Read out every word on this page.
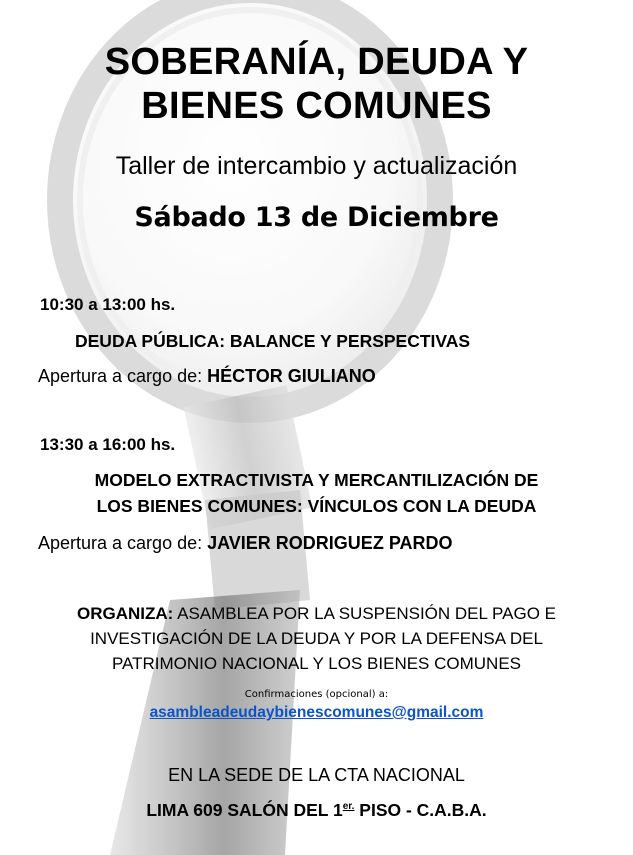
SOBERANÍA, DEUDA Y
BIENES COMUNES
Taller de intercambio y actualización
Sábado 13 de Diciembre
10:30 a 13:00 hs.
DEUDA PÚBLICA: BALANCE Y PERSPECTIVAS
Apertura a cargo de: HÉCTOR GIULIANO
13:30 a 16:00 hs.
MODELO EXTRACTIVISTA Y MERCANTILIZACIÓN DE
LOS BIENES COMUNES: VÍNCULOS CON LA DEUDA
Apertura a cargo de: JAVIER RODRIGUEZ PARDO
ORGANIZA: ASAMBLEA POR LA SUSPENSIÓN DEL PAGO E
INVESTIGACIÓN DE LA DEUDA Y POR LA DEFENSA DEL
PATRIMONIO NACIONAL Y LOS BIENES COMUNES
Confirmaciones (opcional) a:
asambleadeudaybienescomunes@gmail.com
EN LA SEDE DE LA CTA NACIONAL
LIMA 609 SALÓN DEL $1^{er.}$ PISO - C.A.B.A.
